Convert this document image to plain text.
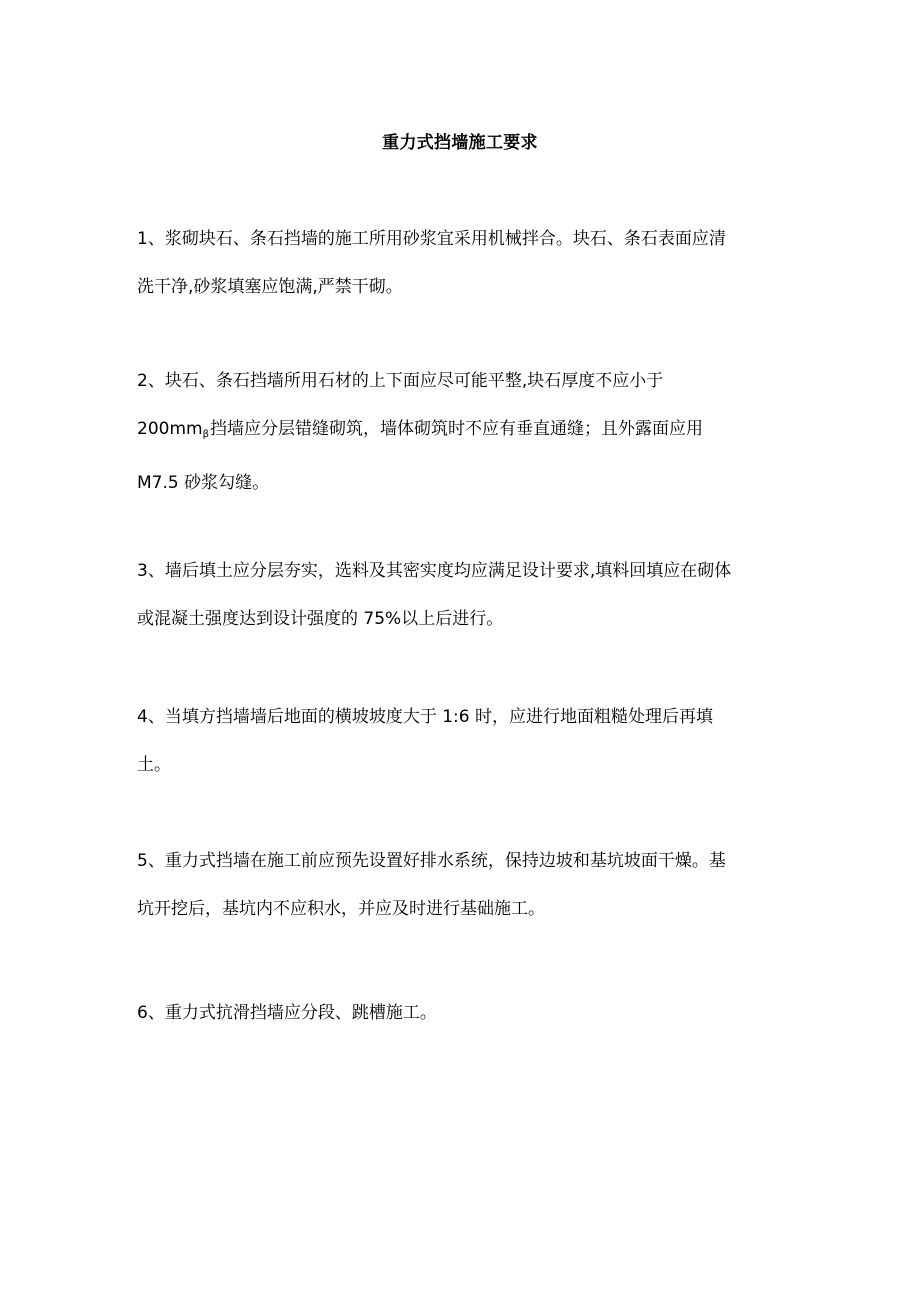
重力式挡墙施工要求
1、浆砌块石、条石挡墙的施工所用砂浆宜采用机械拌合。块石、条石表面应清
洗干净,砂浆填塞应饱满,严禁干砌。
2、块石、条石挡墙所用石材的上下面应尽可能平整,块石厚度不应小于
$200mm_\beta$挡墙应分层错缝砌筑，墙体砌筑时不应有垂直通缝；且外露面应用
M7.5 砂浆勾缝。
3、墙后填土应分层夯实，选料及其密实度均应满足设计要求,填料回填应在砌体
或混凝土强度达到设计强度的 75%以上后进行。
4、当填方挡墙墙后地面的横坡坡度大于 1:6 时，应进行地面粗糙处理后再填
土。
5、重力式挡墙在施工前应预先设置好排水系统，保持边坡和基坑坡面干燥。基
坑开挖后，基坑内不应积水，并应及时进行基础施工。
6、重力式抗滑挡墙应分段、跳槽施工。
